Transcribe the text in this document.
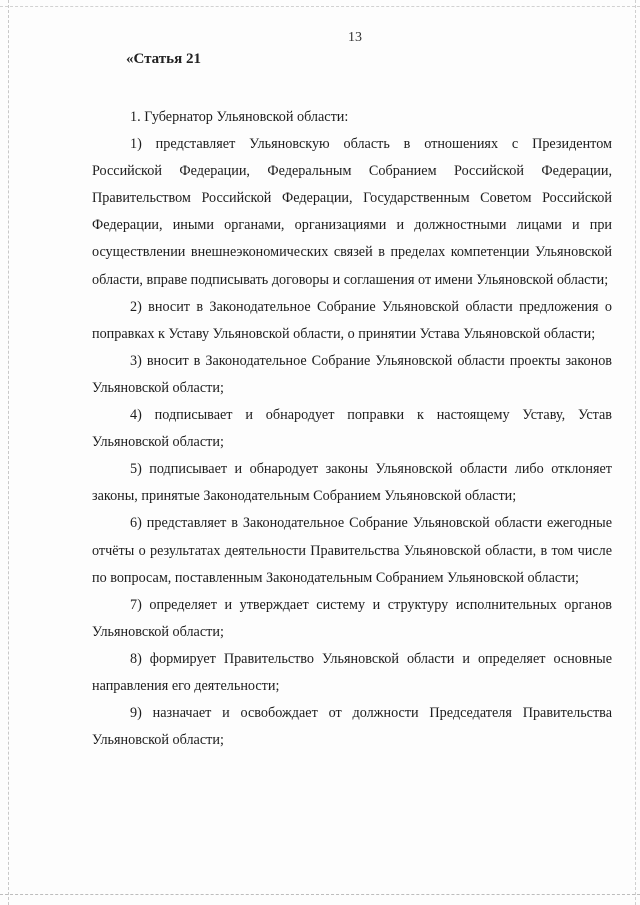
13
«Статья 21

1. Губернатор Ульяновской области:

1) представляет Ульяновскую область в отношениях с Президентом Российской Федерации, Федеральным Собранием Российской Федерации, Правительством Российской Федерации, Государственным Советом Российской Федерации, иными органами, организациями и должностными лицами и при осуществлении внешнеэкономических связей в пределах компетенции Ульяновской области, вправе подписывать договоры и соглашения от имени Ульяновской области;

2) вносит в Законодательное Собрание Ульяновской области предложения о поправках к Уставу Ульяновской области, о принятии Устава Ульяновской области;

3) вносит в Законодательное Собрание Ульяновской области проекты законов Ульяновской области;

4) подписывает и обнародует поправки к настоящему Уставу, Устав Ульяновской области;

5) подписывает и обнародует законы Ульяновской области либо отклоняет законы, принятые Законодательным Собранием Ульяновской области;

6) представляет в Законодательное Собрание Ульяновской области ежегодные отчёты о результатах деятельности Правительства Ульяновской области, в том числе по вопросам, поставленным Законодательным Собранием Ульяновской области;

7) определяет и утверждает систему и структуру исполнительных органов Ульяновской области;

8) формирует Правительство Ульяновской области и определяет основные направления его деятельности;

9) назначает и освобождает от должности Председателя Правительства Ульяновской области;
